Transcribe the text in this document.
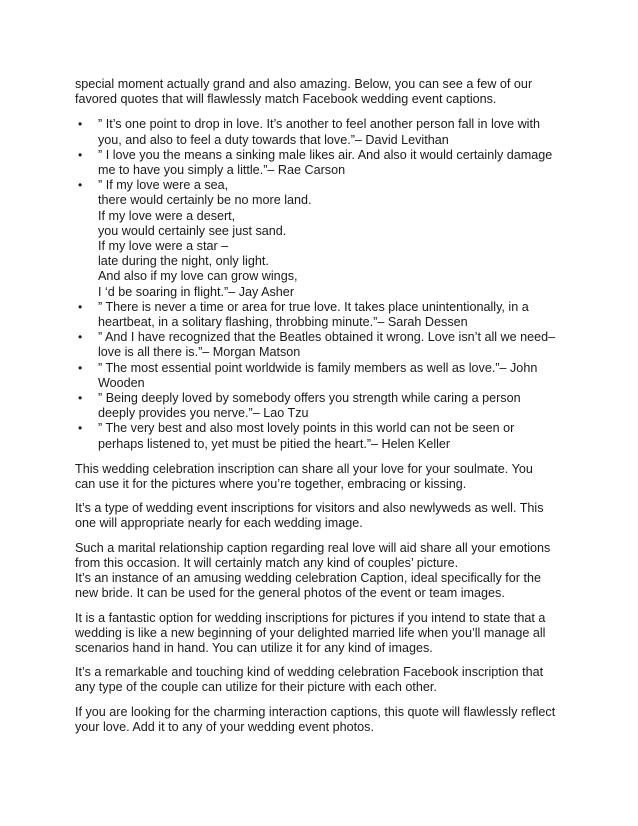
special moment actually grand and also amazing. Below, you can see a few of our
favored quotes that will flawlessly match Facebook wedding event captions.

• ” It’s one point to drop in love. It’s another to feel another person fall in love with
you, and also to feel a duty towards that love.”– David Levithan
• ” I love you the means a sinking male likes air. And also it would certainly damage
me to have you simply a little.”– Rae Carson
• ” If my love were a sea,
there would certainly be no more land.
If my love were a desert,
you would certainly see just sand.
If my love were a star –
late during the night, only light.
And also if my love can grow wings,
I ‘d be soaring in flight.”– Jay Asher
• ” There is never a time or area for true love. It takes place unintentionally, in a
heartbeat, in a solitary flashing, throbbing minute.”– Sarah Dessen
• ” And I have recognized that the Beatles obtained it wrong. Love isn’t all we need–
love is all there is.”– Morgan Matson
• ” The most essential point worldwide is family members as well as love.”– John
Wooden
• ” Being deeply loved by somebody offers you strength while caring a person
deeply provides you nerve.”– Lao Tzu
• ” The very best and also most lovely points in this world can not be seen or
perhaps listened to, yet must be pitied the heart.”– Helen Keller

This wedding celebration inscription can share all your love for your soulmate. You
can use it for the pictures where you’re together, embracing or kissing.

It’s a type of wedding event inscriptions for visitors and also newlyweds as well. This
one will appropriate nearly for each wedding image.

Such a marital relationship caption regarding real love will aid share all your emotions
from this occasion. It will certainly match any kind of couples’ picture.
It’s an instance of an amusing wedding celebration Caption, ideal specifically for the
new bride. It can be used for the general photos of the event or team images.

It is a fantastic option for wedding inscriptions for pictures if you intend to state that a
wedding is like a new beginning of your delighted married life when you’ll manage all
scenarios hand in hand. You can utilize it for any kind of images.

It’s a remarkable and touching kind of wedding celebration Facebook inscription that
any type of the couple can utilize for their picture with each other.

If you are looking for the charming interaction captions, this quote will flawlessly reflect
your love. Add it to any of your wedding event photos.
